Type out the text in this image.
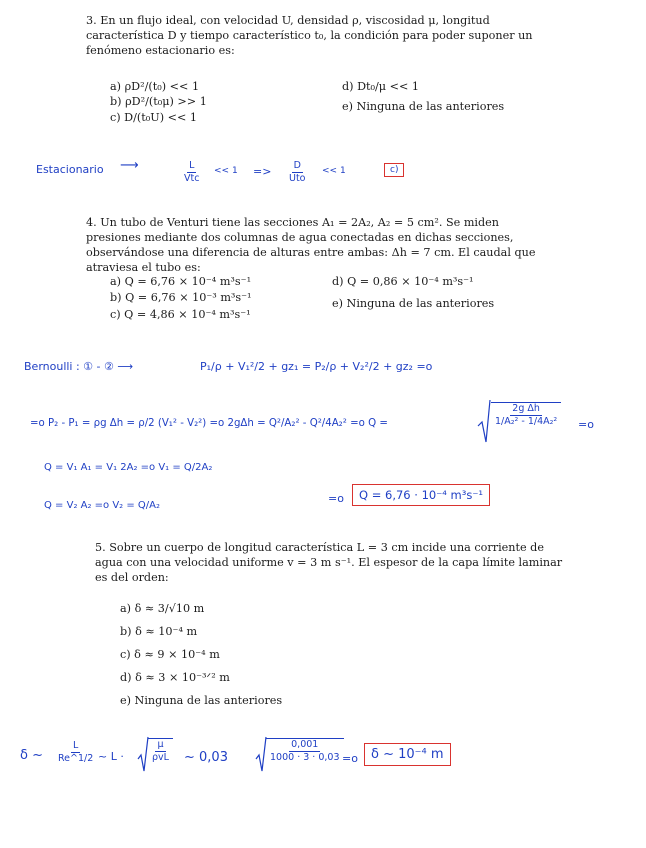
3. En un flujo ideal, con velocidad U, densidad ρ, viscosidad μ, longitud característica D y tiempo característico t₀, la condición para poder suponer un fenómeno estacionario es:
a) ρD²/(t₀) << 1
b) ρD²/(t₀μ) >> 1
c) D/(t₀U) << 1
d) Dt₀/μ << 1
e) Ninguna de las anteriores
Estacionario ⟶	$\frac{L}{\text{Vtc}} << 1 => \frac{D}{\text{Uto}} << 1$	c)
4. Un tubo de Venturi tiene las secciones A₁ = 2A₂, A₂ = 5 cm². Se miden presiones mediante dos columnas de agua conectadas en dichas secciones, observándose una diferencia de alturas entre ambas: Δh = 7 cm. El caudal que atraviesa el tubo es:
a) Q = 6,76 × 10⁻⁴ m³s⁻¹
b) Q = 6,76 × 10⁻³ m³s⁻¹
c) Q = 4,86 × 10⁻⁴ m³s⁻¹
d) Q = 0,86 × 10⁻⁴ m³s⁻¹
e) Ninguna de las anteriores
Bernoulli : ① - ② ⟶	P₁/ρ + V₁²/2 + gz₁ = P₂/ρ + V₂²/2 + gz₂ =o
=o P₂ - P₁ = ρg Δh = ρ/2 (V₁² - V₂²) =o 2gΔh = Q²/A₂² - Q²/4A₂² =o Q =	$\frac{\text{2g Δh}}{\text{1/A₂² - 1/4A₂²}} =o$
Q = V₁ A₁ = V₁ 2A₂ =o V₁ = Q/2A₂
Q = V₂ A₂ =o V₂ = Q/A₂
=o	Q = 6,76 · 10⁻⁴ m³s⁻¹
5. Sobre un cuerpo de longitud característica L = 3 cm incide una corriente de agua con una velocidad uniforme v = 3 m s⁻¹. El espesor de la capa límite laminar es del orden:
a) δ ≈ 3/√10 m
b) δ ≈ 10⁻⁴ m
c) δ ≈ 9 × 10⁻⁴ m
d) δ ≈ 3 × 10⁻³ᐟ² m
e) Ninguna de las anteriores
δ ~ $\frac{L}{Re\^{}1/2}$ ~ L ·	$\frac{\mu}{\text{ρvL}}$ ~ 0,03	$\frac{0,001}{1000 \cdot 3 \cdot 0,03} =o$	δ ~ 10⁻⁴ m
